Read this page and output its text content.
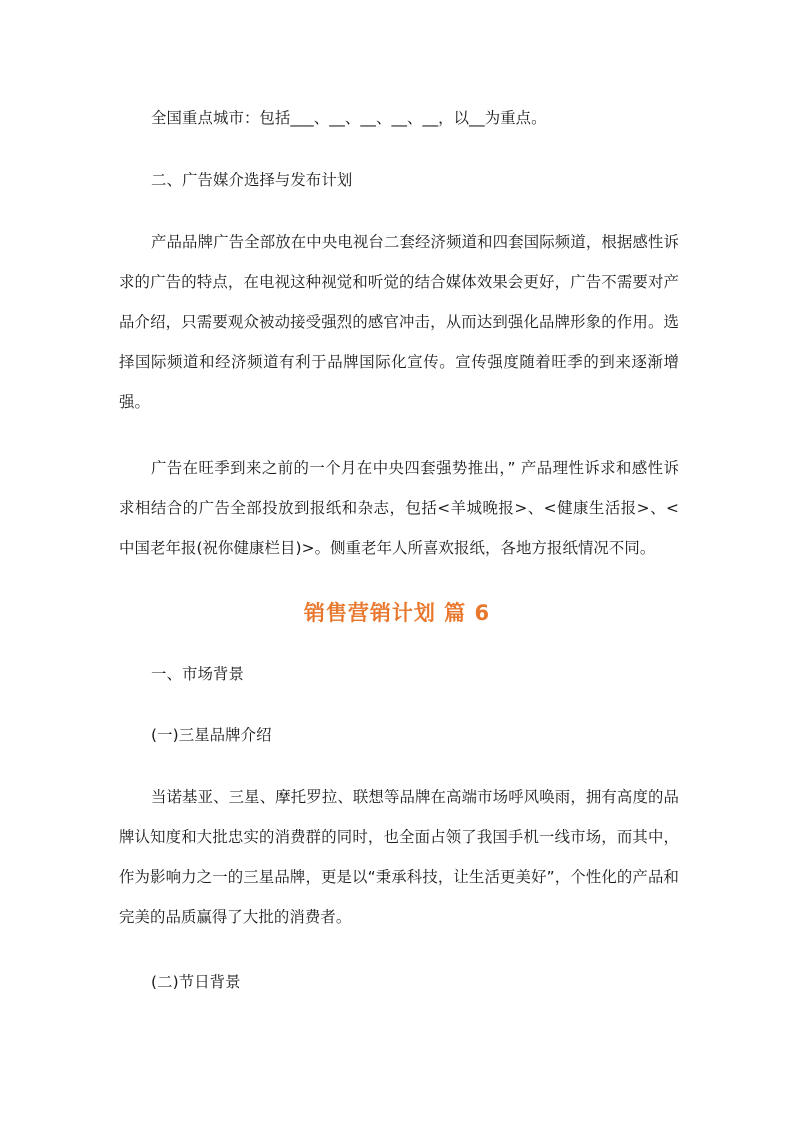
全国重点城市：包括___、__、__、__、__，以__为重点。

二、广告媒介选择与发布计划

产品品牌广告全部放在中央电视台二套经济频道和四套国际频道，根据感性诉求的广告的特点，在电视这种视觉和听觉的结合媒体效果会更好，广告不需要对产品介绍，只需要观众被动接受强烈的感官冲击，从而达到强化品牌形象的作用。选择国际频道和经济频道有利于品牌国际化宣传。宣传强度随着旺季的到来逐渐增强。

广告在旺季到来之前的一个月在中央四套强势推出，” 产品理性诉求和感性诉求相结合的广告全部投放到报纸和杂志，包括<羊城晚报>、<健康生活报>、<中国老年报(祝你健康栏目)>。侧重老年人所喜欢报纸，各地方报纸情况不同。

销售营销计划 篇 6

一、市场背景

(一)三星品牌介绍

当诺基亚、三星、摩托罗拉、联想等品牌在高端市场呼风唤雨，拥有高度的品牌认知度和大批忠实的消费群的同时，也全面占领了我国手机一线市场，而其中，作为影响力之一的三星品牌，更是以“秉承科技，让生活更美好”，个性化的产品和完美的品质赢得了大批的消费者。

(二)节日背景
